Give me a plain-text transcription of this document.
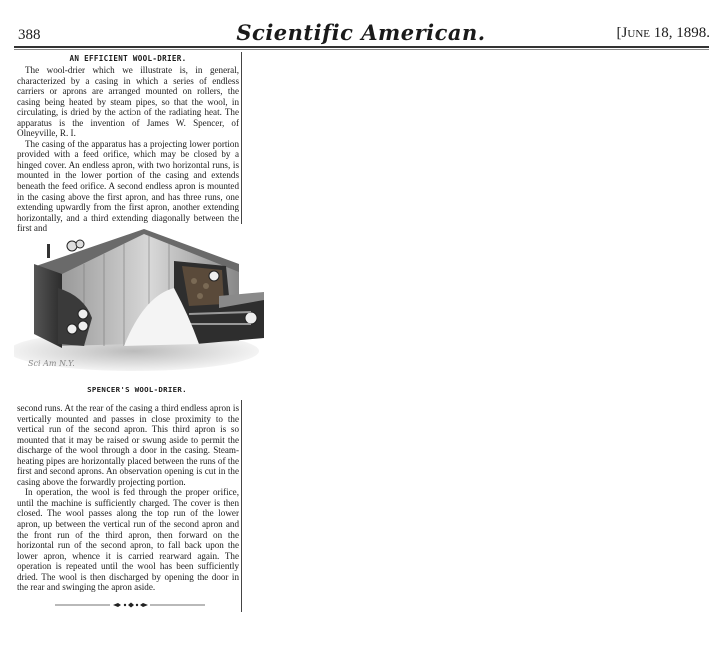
388	Scientific American.	[June 18, 1898.
AN EFFICIENT WOOL-DRIER.

The wool-drier which we illustrate is, in general, characterized by a casing in which a series of endless carriers or aprons are arranged mounted on rollers, the casing being heated by steam pipes, so that the wool, in circulating, is dried by the actiᴐn of the radiating heat. The apparatus is the invention of James W. Spencer, of Olneyville, R. I.

The casing of the apparatus has a projecting lower portion provided with a feed orifice, which may be closed by a hinged cover. An endless apron, with two horizontal runs, is mounted in the lower portion of the casing and extends beneath the feed orifice. A second endless apron is mounted in the casing above the first apron, and has three runs, one extending upwardly from the first apron, another extending horizontally, and a third extending diagonally between the first and

Sci Am N.Y.
SPENCER'S WOOL-DRIER.

second runs. At the rear of the casing a third endless apron is vertically mounted and passes in close proximity to the vertical run of the second apron. This third apron is so mounted that it may be raised or swung aside to permit the discharge of the wool through a door in the casing. Steam-heating pipes are horizontally placed between the runs of the first and second aprons. An observation opening is cut in the casing above the forwardly projecting portion.

In operation, the wool is fed through the proper orifice, until the machine is sufficiently charged. The cover is then closed. The wool passes along the top run of the lower apron, up between the vertical run of the second apron and the front run of the third apron, then forward on the horizontal run of the second apron, to fall back upon the lower apron, whence it is carried rearward again. The operation is repeated until the wool has been sufficiently dried. The wool is then discharged by opening the door in the rear and swinging the apron aside.
